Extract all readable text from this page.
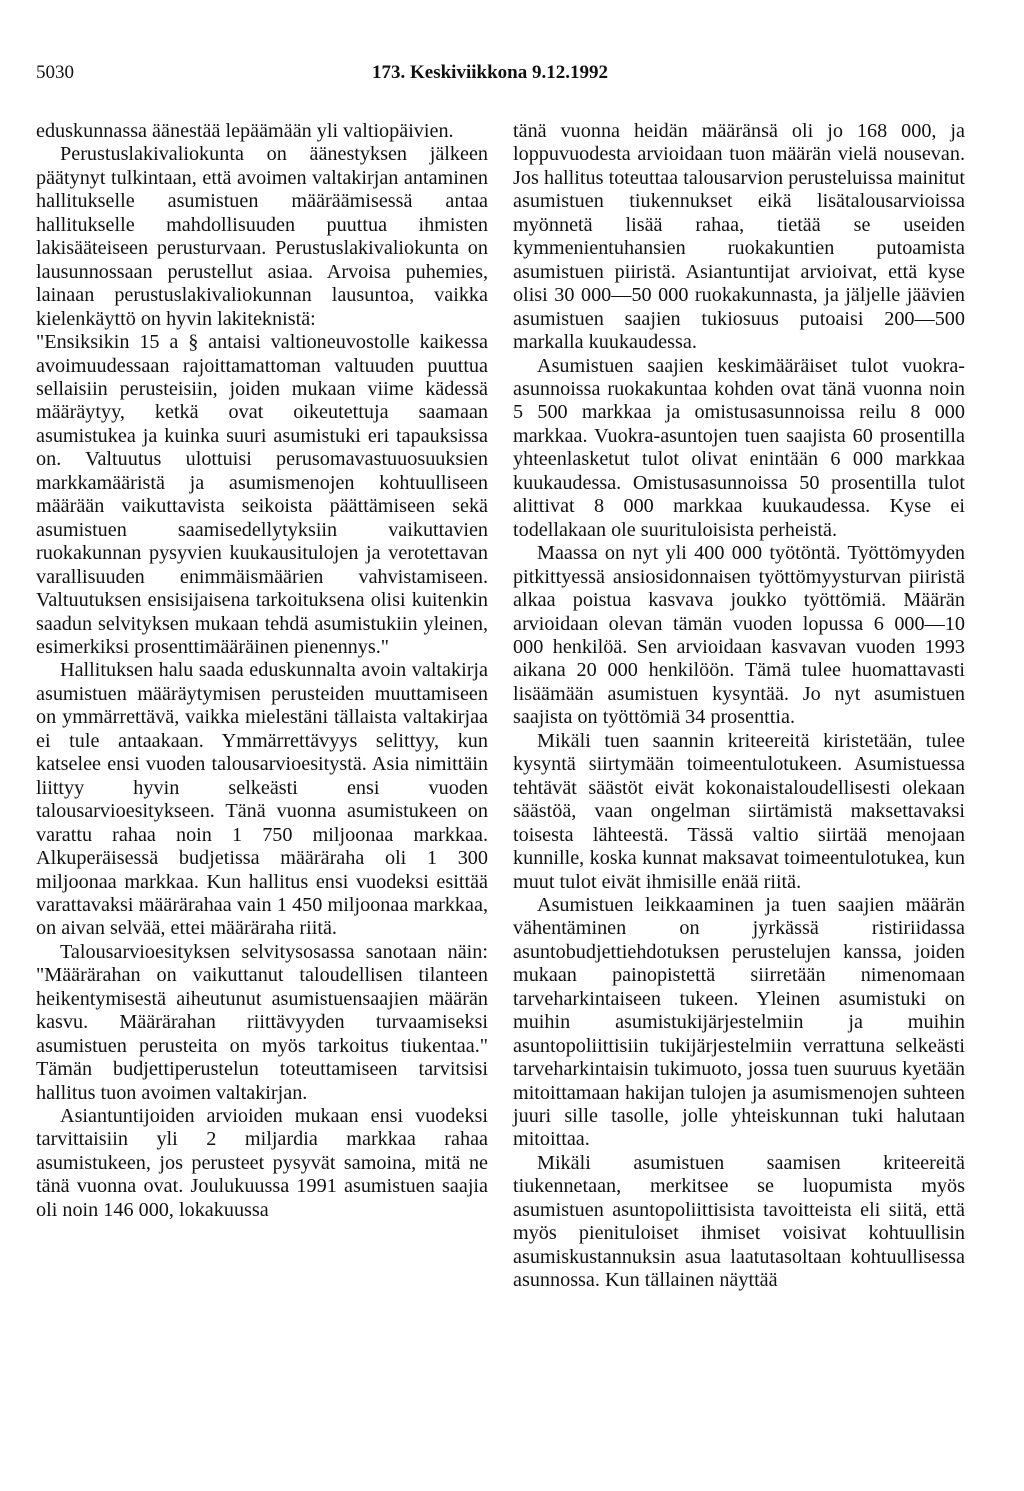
5030	173. Keskiviikkona 9.12.1992

eduskunnassa äänestää lepäämään yli valtiopäivien.

Perustuslakivaliokunta on äänestyksen jälkeen päätynyt tulkintaan, että avoimen valtakirjan antaminen hallitukselle asumistuen määräämisessä antaa hallitukselle mahdollisuuden puuttua ihmisten lakisääteiseen perusturvaan. Perustuslakivaliokunta on lausunnossaan perustellut asiaa. Arvoisa puhemies, lainaan perustuslakivaliokunnan lausuntoa, vaikka kielenkäyttö on hyvin lakiteknistä:

"Ensiksikin 15 a § antaisi valtioneuvostolle kaikessa avoimuudessaan rajoittamattoman valtuuden puuttua sellaisiin perusteisiin, joiden mukaan viime kädessä määräytyy, ketkä ovat oikeutettuja saamaan asumistukea ja kuinka suuri asumistuki eri tapauksissa on. Valtuutus ulottuisi perusomavastuuosuuksien markkamääristä ja asumismenojen kohtuulliseen määrään vaikuttavista seikoista päättämiseen sekä asumistuen saamisedellytyksiin vaikuttavien ruokakunnan pysyvien kuukausitulojen ja verotettavan varallisuuden enimmäismäärien vahvistamiseen. Valtuutuksen ensisijaisena tarkoituksena olisi kuitenkin saadun selvityksen mukaan tehdä asumistukiin yleinen, esimerkiksi prosenttimääräinen pienennys."

Hallituksen halu saada eduskunnalta avoin valtakirja asumistuen määräytymisen perusteiden muuttamiseen on ymmärrettävä, vaikka mielestäni tällaista valtakirjaa ei tule antaakaan. Ymmärrettävyys selittyy, kun katselee ensi vuoden talousarvioesitystä. Asia nimittäin liittyy hyvin selkeästi ensi vuoden talousarvioesitykseen. Tänä vuonna asumistukeen on varattu rahaa noin 1 750 miljoonaa markkaa. Alkuperäisessä budjetissa määräraha oli 1 300 miljoonaa markkaa. Kun hallitus ensi vuodeksi esittää varattavaksi määrärahaa vain 1 450 miljoonaa markkaa, on aivan selvää, ettei määräraha riitä.

Talousarvioesityksen selvitysosassa sanotaan näin: "Määrärahan on vaikuttanut taloudellisen tilanteen heikentymisestä aiheutunut asumistuensaajien määrän kasvu. Määrärahan riittävyyden turvaamiseksi asumistuen perusteita on myös tarkoitus tiukentaa." Tämän budjettiperustelun toteuttamiseen tarvitsisi hallitus tuon avoimen valtakirjan.

Asiantuntijoiden arvioiden mukaan ensi vuodeksi tarvittaisiin yli 2 miljardia markkaa rahaa asumistukeen, jos perusteet pysyvät samoina, mitä ne tänä vuonna ovat. Joulukuussa 1991 asumistuen saajia oli noin 146 000, lokakuussa

tänä vuonna heidän määränsä oli jo 168 000, ja loppuvuodesta arvioidaan tuon määrän vielä nousevan. Jos hallitus toteuttaa talousarvion perusteluissa mainitut asumistuen tiukennukset eikä lisätalousarvioissa myönnetä lisää rahaa, tietää se useiden kymmenientuhansien ruokakuntien putoamista asumistuen piiristä. Asiantuntijat arvioivat, että kyse olisi 30 000—50 000 ruokakunnasta, ja jäljelle jäävien asumistuen saajien tukiosuus putoaisi 200—500 markalla kuukaudessa.

Asumistuen saajien keskimääräiset tulot vuokra-asunnoissa ruokakuntaa kohden ovat tänä vuonna noin 5 500 markkaa ja omistusasunnoissa reilu 8 000 markkaa. Vuokra-asuntojen tuen saajista 60 prosentilla yhteenlasketut tulot olivat enintään 6 000 markkaa kuukaudessa. Omistusasunnoissa 50 prosentilla tulot alittivat 8 000 markkaa kuukaudessa. Kyse ei todellakaan ole suurituloisista perheistä.

Maassa on nyt yli 400 000 työtöntä. Työttömyyden pitkittyessä ansiosidonnaisen työttömyysturvan piiristä alkaa poistua kasvava joukko työttömiä. Määrän arvioidaan olevan tämän vuoden lopussa 6 000—10 000 henkilöä. Sen arvioidaan kasvavan vuoden 1993 aikana 20 000 henkilöön. Tämä tulee huomattavasti lisäämään asumistuen kysyntää. Jo nyt asumistuen saajista on työttömiä 34 prosenttia.

Mikäli tuen saannin kriteereitä kiristetään, tulee kysyntä siirtymään toimeentulotukeen. Asumistuessa tehtävät säästöt eivät kokonaistaloudellisesti olekaan säästöä, vaan ongelman siirtämistä maksettavaksi toisesta lähteestä. Tässä valtio siirtää menojaan kunnille, koska kunnat maksavat toimeentulotukea, kun muut tulot eivät ihmisille enää riitä.

Asumistuen leikkaaminen ja tuen saajien määrän vähentäminen on jyrkässä ristiriidassa asuntobudjettiehdotuksen perustelujen kanssa, joiden mukaan painopistettä siirretään nimenomaan tarveharkintaiseen tukeen. Yleinen asumistuki on muihin asumistukijärjestelmiin ja muihin asuntopoliittisiin tukijärjestelmiin verrattuna selkeästi tarveharkintaisin tukimuoto, jossa tuen suuruus kyetään mitoittamaan hakijan tulojen ja asumismenojen suhteen juuri sille tasolle, jolle yhteiskunnan tuki halutaan mitoittaa.

Mikäli asumistuen saamisen kriteereitä tiukennetaan, merkitsee se luopumista myös asumistuen asuntopoliittisista tavoitteista eli siitä, että myös pienituloiset ihmiset voisivat kohtuullisin asumiskustannuksin asua laatutasoltaan kohtuullisessa asunnossa. Kun tällainen näyttää
